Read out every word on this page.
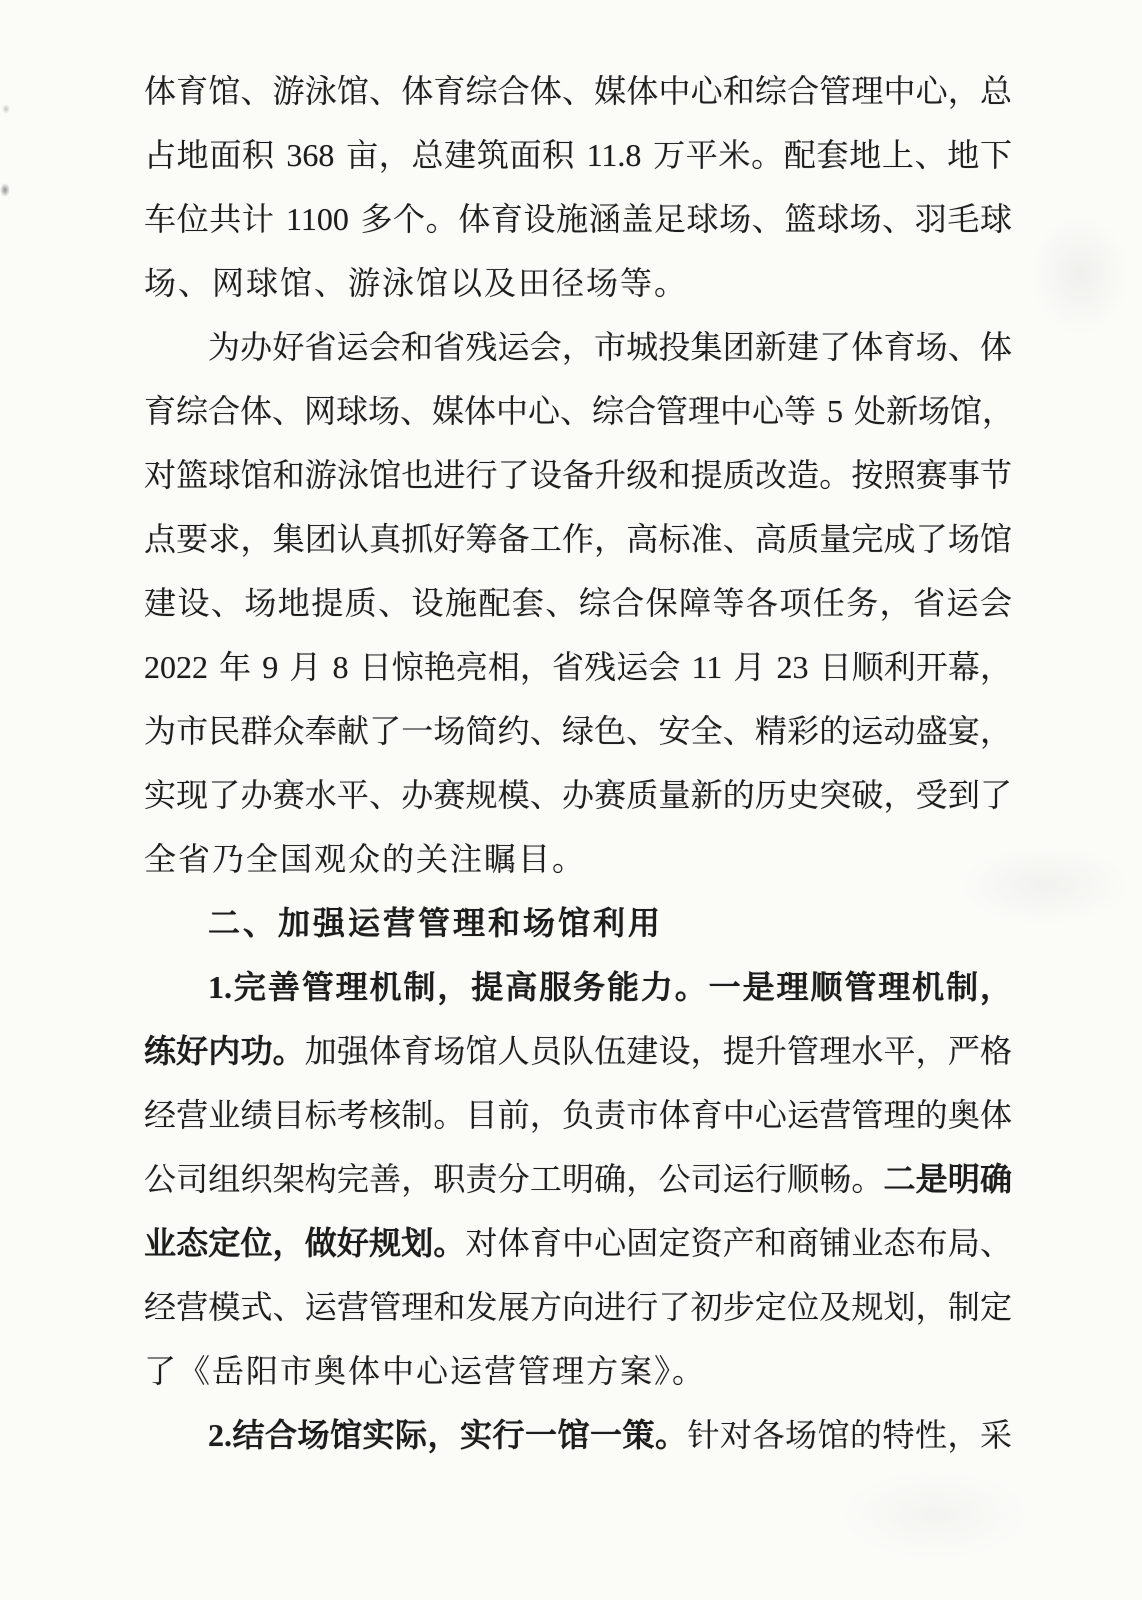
体育馆、游泳馆、体育综合体、媒体中心和综合管理中心，总
占地面积 368 亩，总建筑面积 11.8 万平米。配套地上、地下
车位共计 1100 多个。体育设施涵盖足球场、篮球场、羽毛球
场、网球馆、游泳馆以及田径场等。
为办好省运会和省残运会，市城投集团新建了体育场、体
育综合体、网球场、媒体中心、综合管理中心等 5 处新场馆，
对篮球馆和游泳馆也进行了设备升级和提质改造。按照赛事节
点要求，集团认真抓好筹备工作，高标准、高质量完成了场馆
建设、场地提质、设施配套、综合保障等各项任务，省运会
2022 年 9 月 8 日惊艳亮相，省残运会 11 月 23 日顺利开幕，
为市民群众奉献了一场简约、绿色、安全、精彩的运动盛宴，
实现了办赛水平、办赛规模、办赛质量新的历史突破，受到了
全省乃全国观众的关注瞩目。
二、加强运营管理和场馆利用
1.完善管理机制，提高服务能力。一是理顺管理机制，
练好内功。加强体育场馆人员队伍建设，提升管理水平，严格
经营业绩目标考核制。目前，负责市体育中心运营管理的奥体
公司组织架构完善，职责分工明确，公司运行顺畅。二是明确
业态定位，做好规划。对体育中心固定资产和商铺业态布局、
经营模式、运营管理和发展方向进行了初步定位及规划，制定
了《岳阳市奥体中心运营管理方案》。
2.结合场馆实际，实行一馆一策。针对各场馆的特性，采
